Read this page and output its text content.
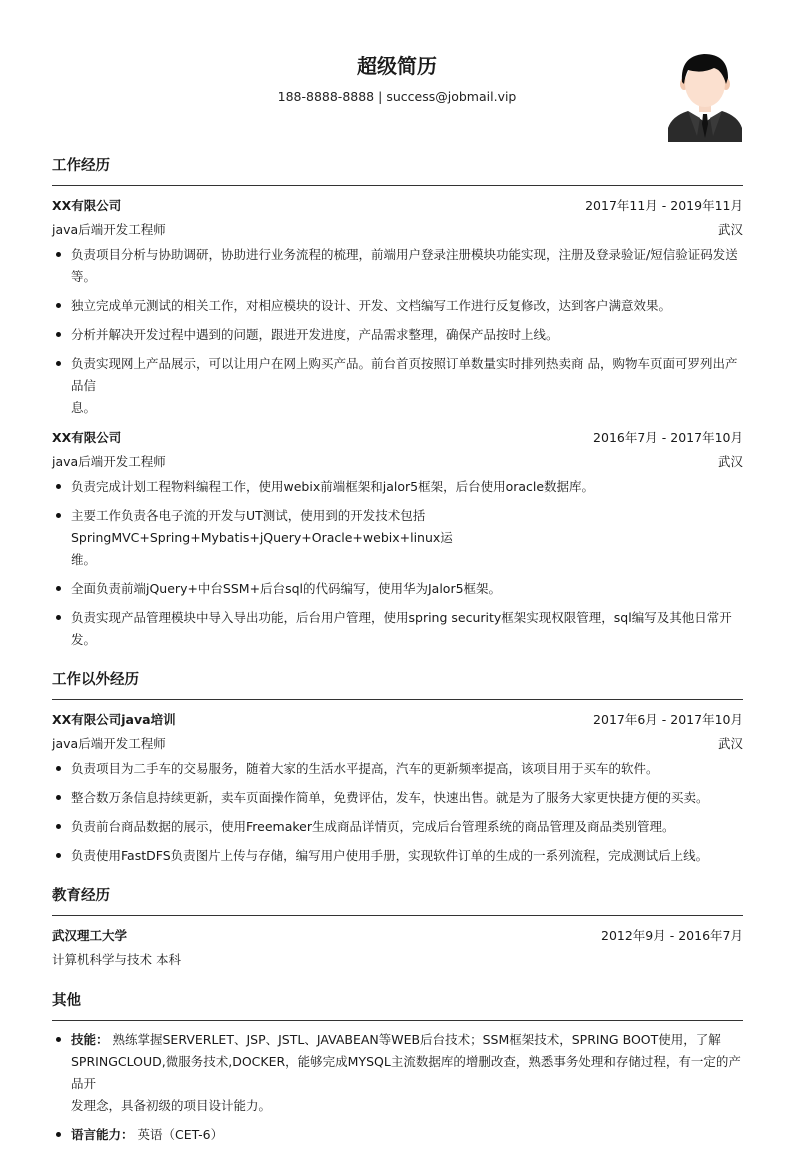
超级简历
188-8888-8888 | success@jobmail.vip
工作经历
XX有限公司	2017年11月 - 2019年11月
java后端开发工程师	武汉
负责项目分析与协助调研，协助进行业务流程的梳理，前端用户登录注册模块功能实现，注册及登录验证/短信验证码发送等。
独立完成单元测试的相关工作，对相应模块的设计、开发、文档编写工作进行反复修改，达到客户满意效果。
分析并解决开发过程中遇到的问题，跟进开发进度，产品需求整理，确保产品按时上线。
负责实现网上产品展示，可以让用户在网上购买产品。前台首页按照订单数量实时排列热卖商 品，购物车页面可罗列出产品信
息。
XX有限公司	2016年7月 - 2017年10月
java后端开发工程师	武汉
负责完成计划工程物料编程工作，使用webix前端框架和jalor5框架，后台使用oracle数据库。
主要工作负责各电子流的开发与UT测试，使用到的开发技术包括SpringMVC+Spring+Mybatis+jQuery+Oracle+webix+linux运
维。
全面负责前端jQuery+中台SSM+后台sql的代码编写，使用华为Jalor5框架。
负责实现产品管理模块中导入导出功能，后台用户管理，使用spring security框架实现权限管理，sql编写及其他日常开发。
工作以外经历
XX有限公司java培训	2017年6月 - 2017年10月
java后端开发工程师	武汉
负责项目为二手车的交易服务，随着大家的生活水平提高，汽车的更新频率提高，该项目用于买车的软件。
整合数万条信息持续更新，卖车页面操作简单，免费评估，发车，快速出售。就是为了服务大家更快捷方便的买卖。
负责前台商品数据的展示，使用Freemaker生成商品详情页，完成后台管理系统的商品管理及商品类别管理。
负责使用FastDFS负责图片上传与存储，编写用户使用手册，实现软件订单的生成的一系列流程，完成测试后上线。
教育经历
武汉理工大学	2012年9月 - 2016年7月
计算机科学与技术 本科
其他
技能： 熟练掌握SERVERLET、JSP、JSTL、JAVABEAN等WEB后台技术；SSM框架技术，SPRING BOOT使用，了解
SPRINGCLOUD,微服务技术,DOCKER，能够完成MYSQL主流数据库的增删改查，熟悉事务处理和存储过程，有一定的产品开
发理念，具备初级的项目设计能力。
语言能力： 英语（CET-6）
